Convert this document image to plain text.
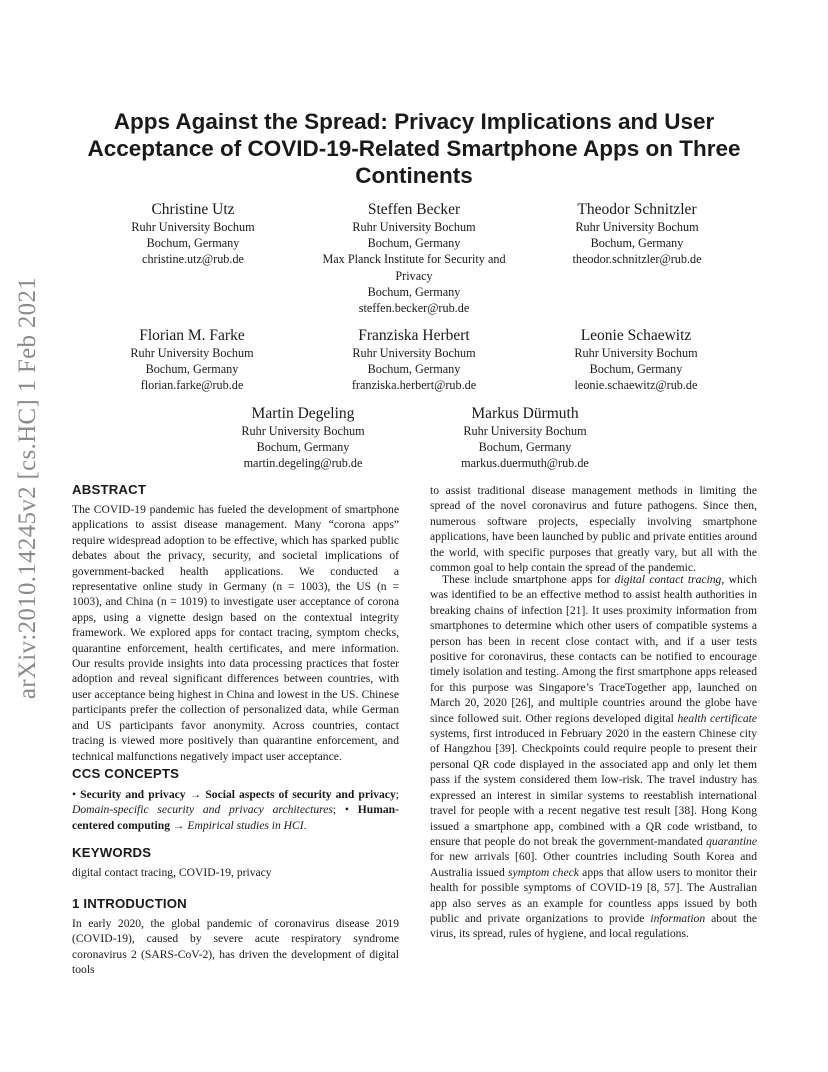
arXiv:2010.14245v2 [cs.HC] 1 Feb 2021
Apps Against the Spread: Privacy Implications and User Acceptance of COVID-19-Related Smartphone Apps on Three Continents
Christine Utz
Ruhr University Bochum
Bochum, Germany
christine.utz@rub.de
Steffen Becker
Ruhr University Bochum
Bochum, Germany
Max Planck Institute for Security and
Privacy
Bochum, Germany
steffen.becker@rub.de
Theodor Schnitzler
Ruhr University Bochum
Bochum, Germany
theodor.schnitzler@rub.de
Florian M. Farke
Ruhr University Bochum
Bochum, Germany
florian.farke@rub.de
Franziska Herbert
Ruhr University Bochum
Bochum, Germany
franziska.herbert@rub.de
Leonie Schaewitz
Ruhr University Bochum
Bochum, Germany
leonie.schaewitz@rub.de
Martin Degeling
Ruhr University Bochum
Bochum, Germany
martin.degeling@rub.de
Markus Dürmuth
Ruhr University Bochum
Bochum, Germany
markus.duermuth@rub.de
ABSTRACT

The COVID-19 pandemic has fueled the development of smartphone applications to assist disease management. Many “corona apps” require widespread adoption to be effective, which has sparked public debates about the privacy, security, and societal implications of government-backed health applications. We conducted a representative online study in Germany (n = 1003), the US (n = 1003), and China (n = 1019) to investigate user acceptance of corona apps, using a vignette design based on the contextual integrity framework. We explored apps for contact tracing, symptom checks, quarantine enforcement, health certificates, and mere information. Our results provide insights into data processing practices that foster adoption and reveal significant differences between countries, with user acceptance being highest in China and lowest in the US. Chinese participants prefer the collection of personalized data, while German and US participants favor anonymity. Across countries, contact tracing is viewed more positively than quarantine enforcement, and technical malfunctions negatively impact user acceptance.

CCS CONCEPTS

• Security and privacy → Social aspects of security and privacy; Domain-specific security and privacy architectures; • Human-centered computing → Empirical studies in HCI.

KEYWORDS

digital contact tracing, COVID-19, privacy

1 INTRODUCTION

In early 2020, the global pandemic of coronavirus disease 2019 (COVID-19), caused by severe acute respiratory syndrome coronavirus 2 (SARS-CoV-2), has driven the development of digital tools

to assist traditional disease management methods in limiting the spread of the novel coronavirus and future pathogens. Since then, numerous software projects, especially involving smartphone applications, have been launched by public and private entities around the world, with specific purposes that greatly vary, but all with the common goal to help contain the spread of the pandemic.

These include smartphone apps for digital contact tracing, which was identified to be an effective method to assist health authorities in breaking chains of infection [21]. It uses proximity information from smartphones to determine which other users of compatible systems a person has been in recent close contact with, and if a user tests positive for coronavirus, these contacts can be notified to encourage timely isolation and testing. Among the first smartphone apps released for this purpose was Singapore’s TraceTogether app, launched on March 20, 2020 [26], and multiple countries around the globe have since followed suit. Other regions developed digital health certificate systems, first introduced in February 2020 in the eastern Chinese city of Hangzhou [39]. Checkpoints could require people to present their personal QR code displayed in the associated app and only let them pass if the system considered them low-risk. The travel industry has expressed an interest in similar systems to reestablish international travel for people with a recent negative test result [38]. Hong Kong issued a smartphone app, combined with a QR code wristband, to ensure that people do not break the government-mandated quarantine for new arrivals [60]. Other countries including South Korea and Australia issued symptom check apps that allow users to monitor their health for possible symptoms of COVID-19 [8, 57]. The Australian app also serves as an example for countless apps issued by both public and private organizations to provide information about the virus, its spread, rules of hygiene, and local regulations.
